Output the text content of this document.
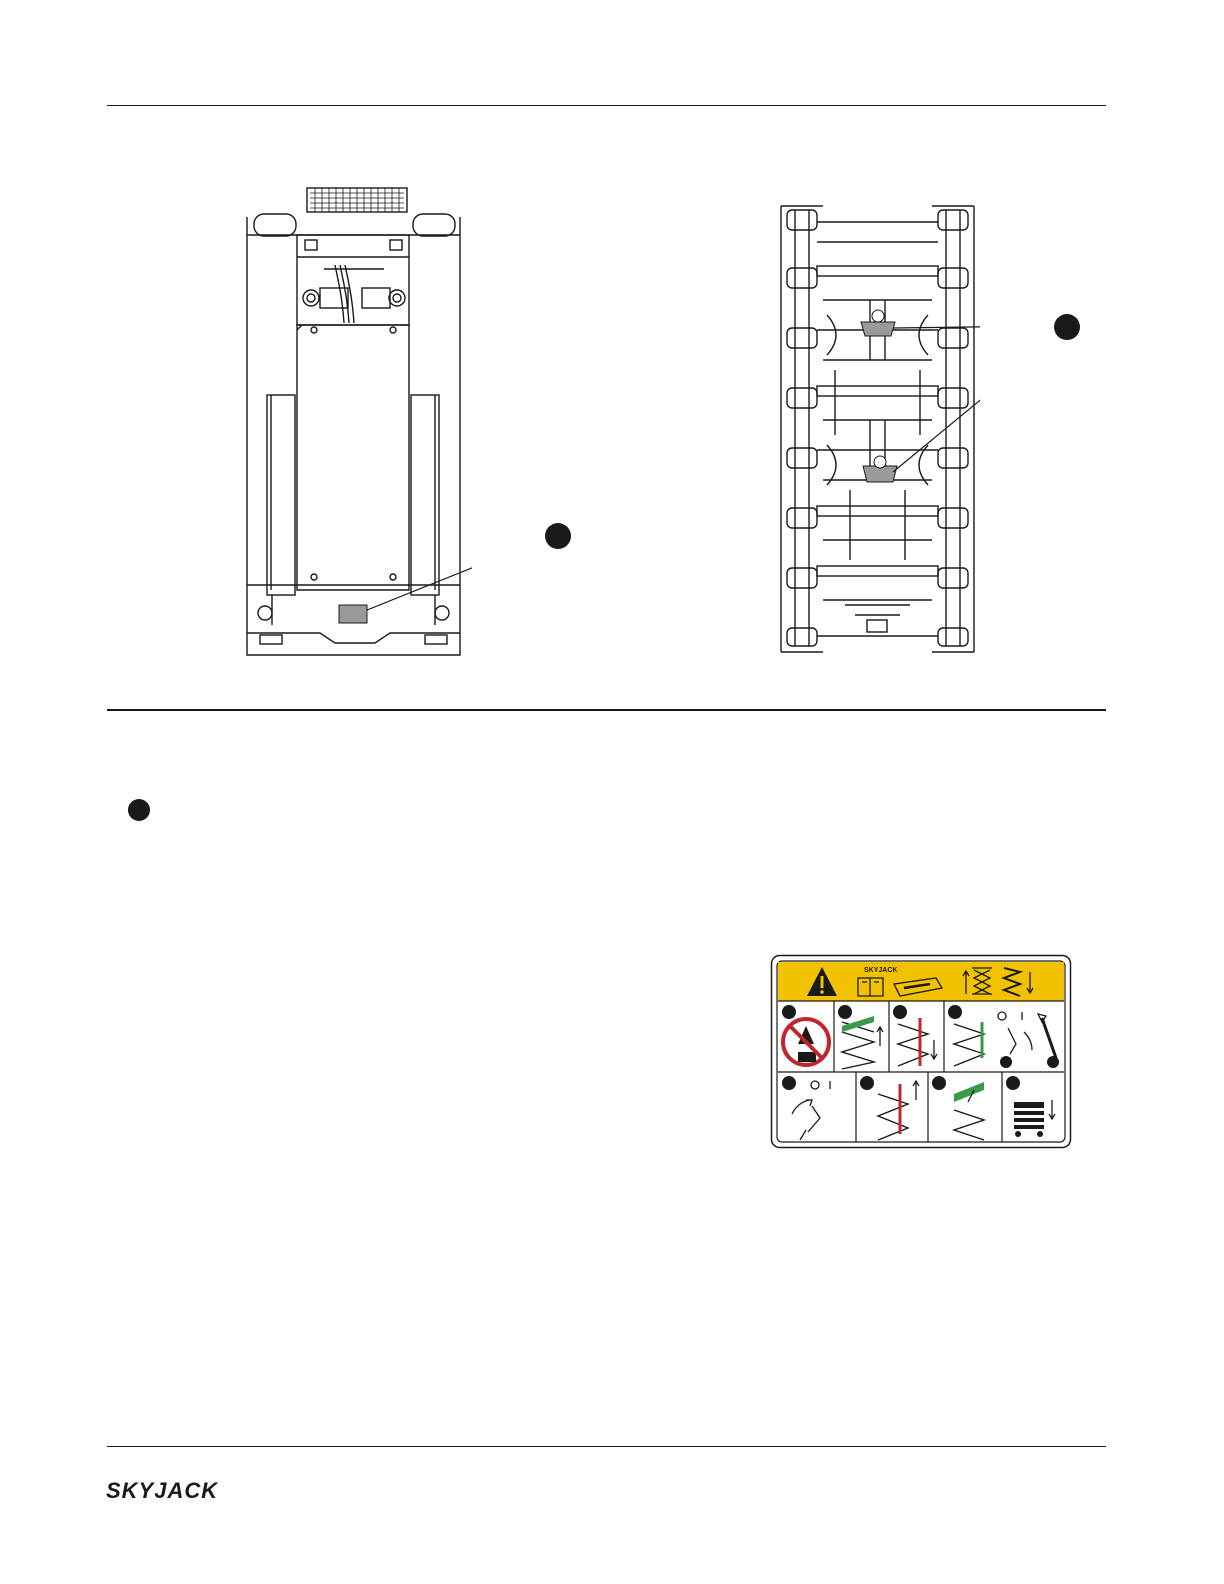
SKYJACK
SKYJACK
